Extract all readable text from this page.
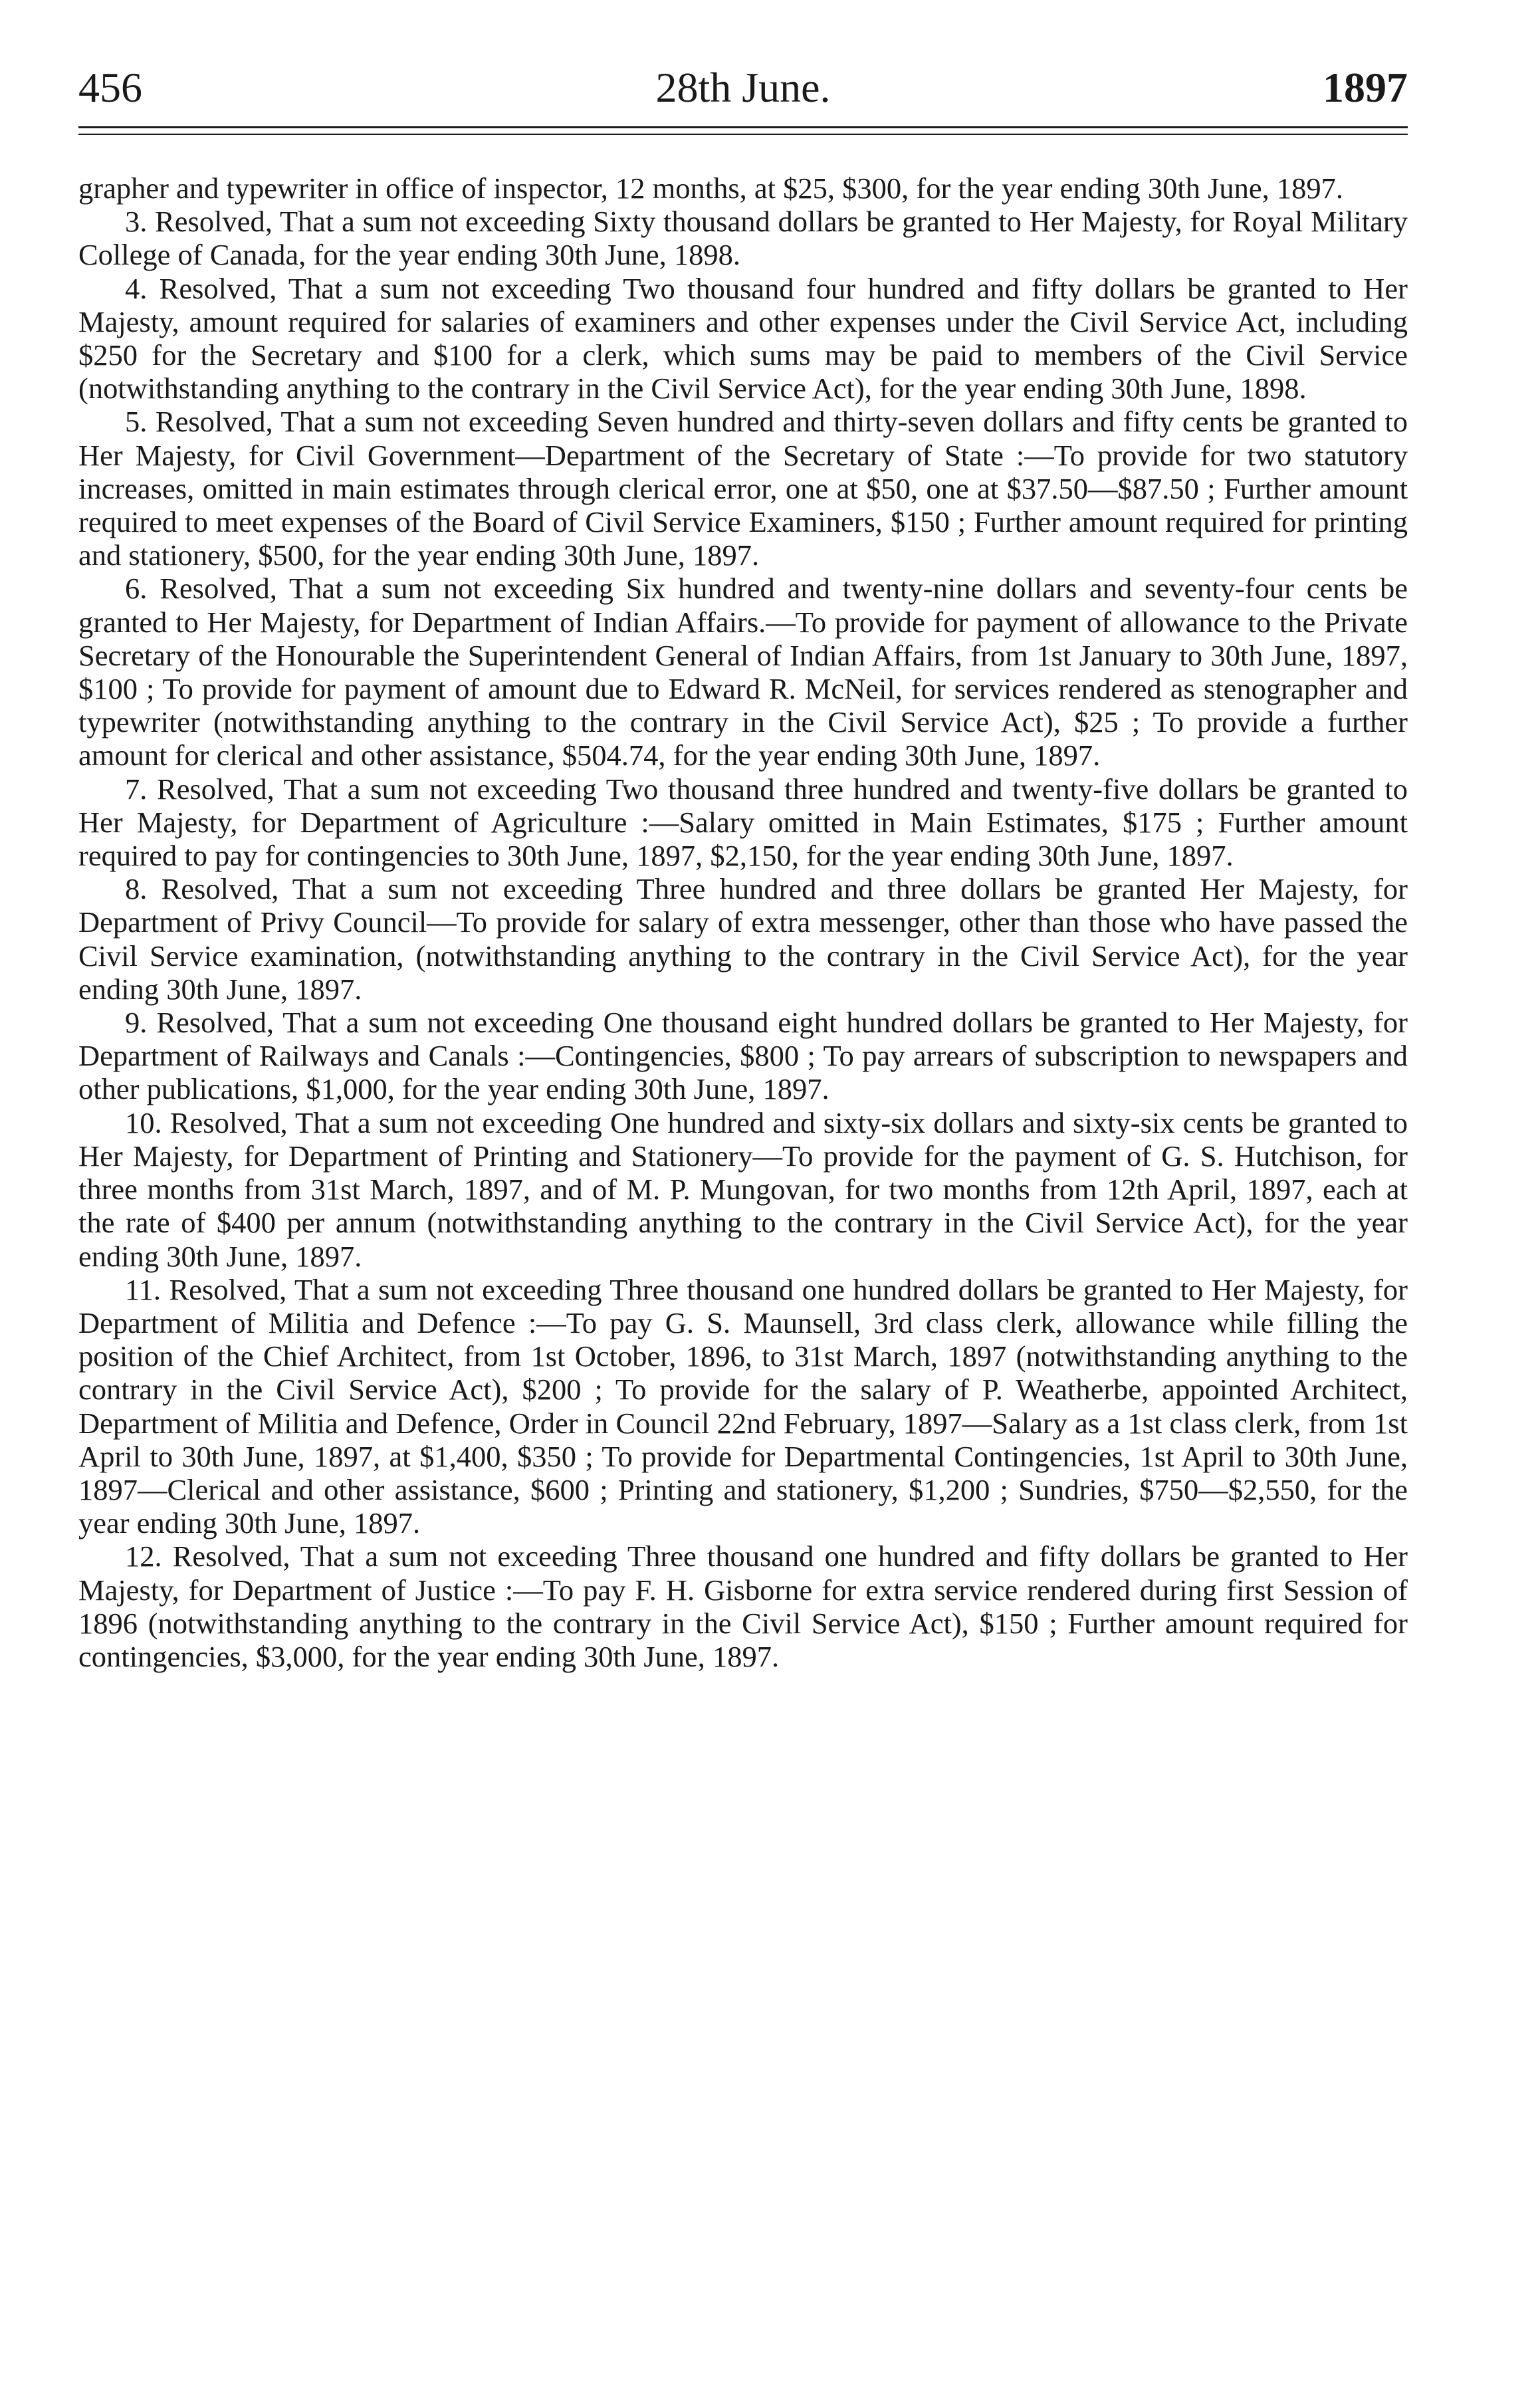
456	28th June.	1897

grapher and typewriter in office of inspector, 12 months, at $25, $300, for the year ending 30th June, 1897.

3. Resolved, That a sum not exceeding Sixty thousand dollars be granted to Her Majesty, for Royal Military College of Canada, for the year ending 30th June, 1898.

4. Resolved, That a sum not exceeding Two thousand four hundred and fifty dollars be granted to Her Majesty, amount required for salaries of examiners and other expenses under the Civil Service Act, including $250 for the Secretary and $100 for a clerk, which sums may be paid to members of the Civil Service (notwithstanding anything to the contrary in the Civil Service Act), for the year ending 30th June, 1898.

5. Resolved, That a sum not exceeding Seven hundred and thirty-seven dollars and fifty cents be granted to Her Majesty, for Civil Government—Department of the Secretary of State :—To provide for two statutory increases, omitted in main estimates through clerical error, one at $50, one at $37.50—$87.50 ; Further amount required to meet expenses of the Board of Civil Service Examiners, $150 ; Further amount required for printing and stationery, $500, for the year ending 30th June, 1897.

6. Resolved, That a sum not exceeding Six hundred and twenty-nine dollars and seventy-four cents be granted to Her Majesty, for Department of Indian Affairs.—To provide for payment of allowance to the Private Secretary of the Honourable the Superintendent General of Indian Affairs, from 1st January to 30th June, 1897, $100 ; To provide for payment of amount due to Edward R. McNeil, for services rendered as stenographer and typewriter (notwithstanding anything to the contrary in the Civil Service Act), $25 ; To provide a further amount for clerical and other assistance, $504.74, for the year ending 30th June, 1897.

7. Resolved, That a sum not exceeding Two thousand three hundred and twenty-five dollars be granted to Her Majesty, for Department of Agriculture :—Salary omitted in Main Estimates, $175 ; Further amount required to pay for contingencies to 30th June, 1897, $2,150, for the year ending 30th June, 1897.

8. Resolved, That a sum not exceeding Three hundred and three dollars be granted Her Majesty, for Department of Privy Council—To provide for salary of extra messenger, other than those who have passed the Civil Service examination, (notwithstanding anything to the contrary in the Civil Service Act), for the year ending 30th June, 1897.

9. Resolved, That a sum not exceeding One thousand eight hundred dollars be granted to Her Majesty, for Department of Railways and Canals :—Contingencies, $800 ; To pay arrears of subscription to newspapers and other publications, $1,000, for the year ending 30th June, 1897.

10. Resolved, That a sum not exceeding One hundred and sixty-six dollars and sixty-six cents be granted to Her Majesty, for Department of Printing and Stationery—To provide for the payment of G. S. Hutchison, for three months from 31st March, 1897, and of M. P. Mungovan, for two months from 12th April, 1897, each at the rate of $400 per annum (notwithstanding anything to the contrary in the Civil Service Act), for the year ending 30th June, 1897.

11. Resolved, That a sum not exceeding Three thousand one hundred dollars be granted to Her Majesty, for Department of Militia and Defence :—To pay G. S. Maunsell, 3rd class clerk, allowance while filling the position of the Chief Architect, from 1st October, 1896, to 31st March, 1897 (notwithstanding anything to the contrary in the Civil Service Act), $200 ; To provide for the salary of P. Weatherbe, appointed Architect, Department of Militia and Defence, Order in Council 22nd February, 1897—Salary as a 1st class clerk, from 1st April to 30th June, 1897, at $1,400, $350 ; To provide for Departmental Contingencies, 1st April to 30th June, 1897—Clerical and other assistance, $600 ; Printing and stationery, $1,200 ; Sundries, $750—$2,550, for the year ending 30th June, 1897.

12. Resolved, That a sum not exceeding Three thousand one hundred and fifty dollars be granted to Her Majesty, for Department of Justice :—To pay F. H. Gisborne for extra service rendered during first Session of 1896 (notwithstanding anything to the contrary in the Civil Service Act), $150 ; Further amount required for contingencies, $3,000, for the year ending 30th June, 1897.
